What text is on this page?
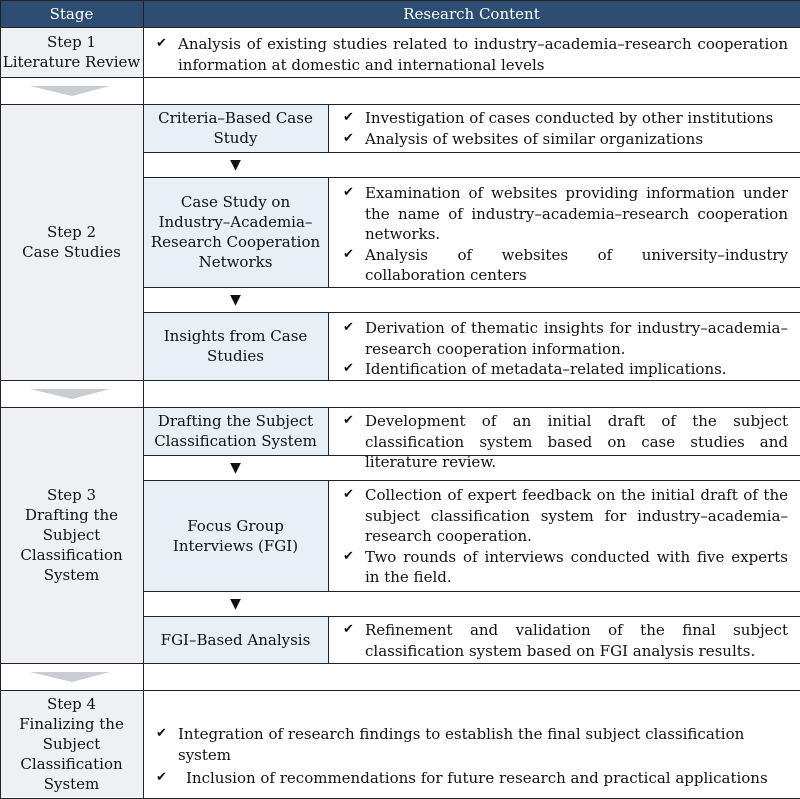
Stage	Research Content
Step 1
Literature Review
✔ Analysis of existing studies related to industry–academia–research cooperation information at domestic and international levels
Step 2
Case Studies
Criteria–Based Case Study
✔ Investigation of cases conducted by other institutions
✔ Analysis of websites of similar organizations
▼
Case Study on Industry–Academia–Research Cooperation Networks
✔ Examination of websites providing information under the name of industry–academia–research cooperation networks.
✔ Analysis of websites of university–industry collaboration centers
▼
Insights from Case Studies
✔ Derivation of thematic insights for industry–academia–research cooperation information.
✔ Identification of metadata–related implications.
Step 3
Drafting the Subject Classification System
Drafting the Subject Classification System
✔ Development of an initial draft of the subject classification system based on case studies and literature review.
▼
Focus Group Interviews (FGI)
✔ Collection of expert feedback on the initial draft of the subject classification system for industry–academia–research cooperation.
✔ Two rounds of interviews conducted with five experts in the field.
▼
FGI–Based Analysis
✔ Refinement and validation of the final subject classification system based on FGI analysis results.
Step 4
Finalizing the Subject Classification System
✔ Integration of research findings to establish the final subject classification system
✔	Inclusion of recommendations for future research and practical applications
